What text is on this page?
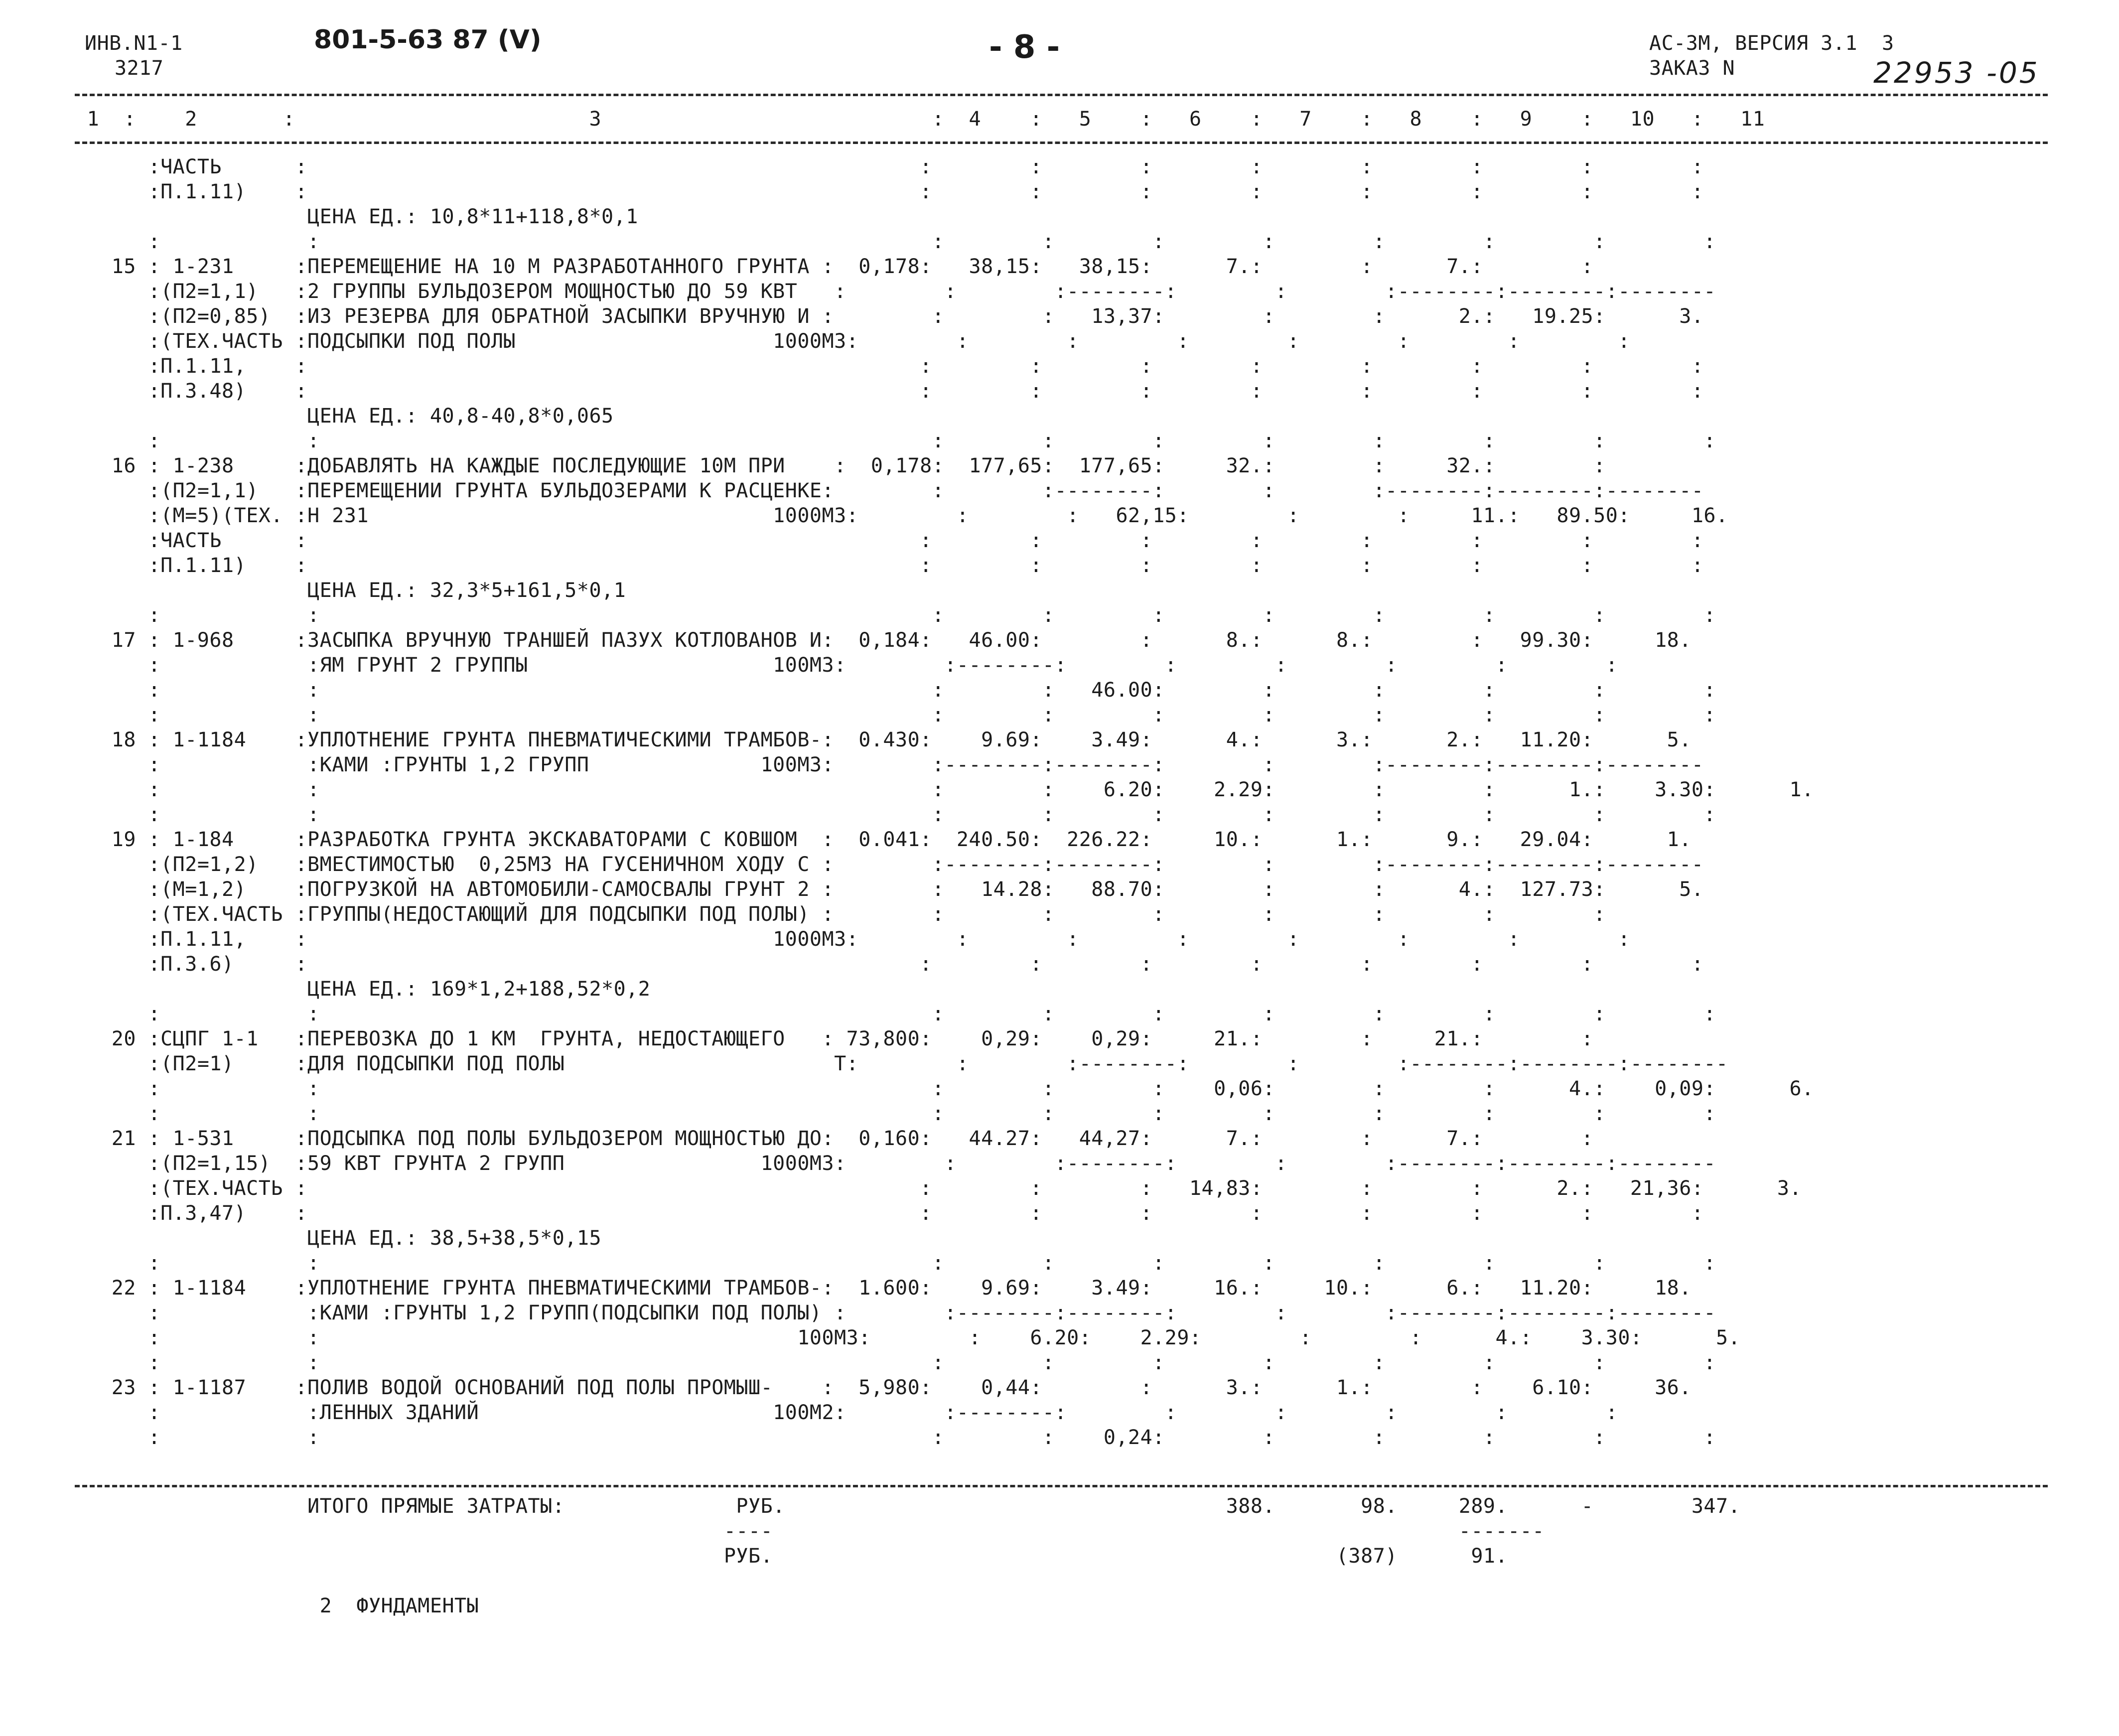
ИНВ.N1-1
3217
801-5-63 87 (V)	- 8 -	АС-3М, ВЕРСИЯ 3.1  3
ЗАКАЗ N	22953 -05
1  :    2       :                        3                           :  4    :   5    :   6    :   7    :   8    :   9    :   10   :   11
:ЧАСТЬ      :                                                  :        :        :        :        :        :        :        :
:П.1.11)    :                                                  :        :        :        :        :        :        :        :
ЦЕНА ЕД.: 10,8*11+118,8*0,1
:            :                                                  :        :        :        :        :        :        :        :
15 : 1-231     :ПЕРЕМЕЩЕНИЕ НА 10 М РАЗРАБОТАННОГО ГРУНТА :  0,178:   38,15:   38,15:      7.:        :      7.:        :
:(П2=1,1)   :2 ГРУППЫ БУЛЬДОЗЕРОМ МОЩНОСТЬЮ ДО 59 КВТ   :        :        :--------:        :        :--------:--------:--------
:(П2=0,85)  :ИЗ РЕЗЕРВА ДЛЯ ОБРАТНОЙ ЗАСЫПКИ ВРУЧНУЮ И :        :        :   13,37:        :        :      2.:   19.25:      3.
:(ТЕХ.ЧАСТЬ :ПОДСЫПКИ ПОД ПОЛЫ                     1000М3:        :        :        :        :        :        :        :
:П.1.11,    :                                                  :        :        :        :        :        :        :        :
:П.3.48)    :                                                  :        :        :        :        :        :        :        :
ЦЕНА ЕД.: 40,8-40,8*0,065
:            :                                                  :        :        :        :        :        :        :        :
16 : 1-238     :ДОБАВЛЯТЬ НА КАЖДЫЕ ПОСЛЕДУЮЩИЕ 10М ПРИ    :  0,178:  177,65:  177,65:     32.:        :     32.:        :
:(П2=1,1)   :ПЕРЕМЕЩЕНИИ ГРУНТА БУЛЬДОЗЕРАМИ К РАСЦЕНКЕ:        :        :--------:        :        :--------:--------:--------
:(М=5)(ТЕХ. :Н 231                                 1000М3:        :        :   62,15:        :        :     11.:   89.50:     16.
:ЧАСТЬ      :                                                  :        :        :        :        :        :        :        :
:П.1.11)    :                                                  :        :        :        :        :        :        :        :
ЦЕНА ЕД.: 32,3*5+161,5*0,1
:            :                                                  :        :        :        :        :        :        :        :
17 : 1-968     :ЗАСЫПКА ВРУЧНУЮ ТРАНШЕЙ ПАЗУХ КОТЛОВАНОВ И:  0,184:   46.00:        :      8.:      8.:        :   99.30:     18.
:            :ЯМ ГРУНТ 2 ГРУППЫ                    100М3:        :--------:        :        :        :        :        :
:            :                                                  :        :   46.00:        :        :        :        :        :
:            :                                                  :        :        :        :        :        :        :        :
18 : 1-1184    :УПЛОТНЕНИЕ ГРУНТА ПНЕВМАТИЧЕСКИМИ ТРАМБОВ-:  0.430:    9.69:    3.49:      4.:      3.:      2.:   11.20:      5.
:            :КАМИ :ГРУНТЫ 1,2 ГРУПП              100М3:        :--------:--------:        :        :--------:--------:--------
:            :                                                  :        :    6.20:    2.29:        :        :      1.:    3.30:      1.
:            :                                                  :        :        :        :        :        :        :        :
19 : 1-184     :РАЗРАБОТКА ГРУНТА ЭКСКАВАТОРАМИ С КОВШОМ  :  0.041:  240.50:  226.22:     10.:      1.:      9.:   29.04:      1.
:(П2=1,2)   :ВМЕСТИМОСТЬЮ  0,25М3 НА ГУСЕНИЧНОМ ХОДУ С :        :--------:--------:        :        :--------:--------:--------
:(М=1,2)    :ПОГРУЗКОЙ НА АВТОМОБИЛИ-САМОСВАЛЫ ГРУНТ 2 :        :   14.28:   88.70:        :        :      4.:  127.73:      5.
:(ТЕХ.ЧАСТЬ :ГРУППЫ(НЕДОСТАЮЩИЙ ДЛЯ ПОДСЫПКИ ПОД ПОЛЫ) :        :        :        :        :        :        :        :
:П.1.11,    :                                      1000М3:        :        :        :        :        :        :        :
:П.3.6)     :                                                  :        :        :        :        :        :        :        :
ЦЕНА ЕД.: 169*1,2+188,52*0,2
:            :                                                  :        :        :        :        :        :        :        :
20 :СЦПГ 1-1   :ПЕРЕВОЗКА ДО 1 КМ  ГРУНТА, НЕДОСТАЮЩЕГО   : 73,800:    0,29:    0,29:     21.:        :     21.:        :
:(П2=1)     :ДЛЯ ПОДСЫПКИ ПОД ПОЛЫ                      Т:        :        :--------:        :        :--------:--------:--------
:            :                                                  :        :        :    0,06:        :        :      4.:    0,09:      6.
:            :                                                  :        :        :        :        :        :        :        :
21 : 1-531     :ПОДСЫПКА ПОД ПОЛЫ БУЛЬДОЗЕРОМ МОЩНОСТЬЮ ДО:  0,160:   44.27:   44,27:      7.:        :      7.:        :
:(П2=1,15)  :59 КВТ ГРУНТА 2 ГРУПП                1000М3:        :        :--------:        :        :--------:--------:--------
:(ТЕХ.ЧАСТЬ :                                                  :        :        :   14,83:        :        :      2.:   21,36:      3.
:П.3,47)    :                                                  :        :        :        :        :        :        :        :
ЦЕНА ЕД.: 38,5+38,5*0,15
:            :                                                  :        :        :        :        :        :        :        :
22 : 1-1184    :УПЛОТНЕНИЕ ГРУНТА ПНЕВМАТИЧЕСКИМИ ТРАМБОВ-:  1.600:    9.69:    3.49:     16.:     10.:      6.:   11.20:     18.
:            :КАМИ :ГРУНТЫ 1,2 ГРУПП(ПОДСЫПКИ ПОД ПОЛЫ) :        :--------:--------:        :        :--------:--------:--------
:            :                                       100М3:        :    6.20:    2.29:        :        :      4.:    3.30:      5.
:            :                                                  :        :        :        :        :        :        :        :
23 : 1-1187    :ПОЛИВ ВОДОЙ ОСНОВАНИЙ ПОД ПОЛЫ ПРОМЫШ-    :  5,980:    0,44:        :      3.:      1.:        :    6.10:     36.
:            :ЛЕННЫХ ЗДАНИЙ                        100М2:        :--------:        :        :        :        :        :
:            :                                                  :        :    0,24:        :        :        :        :        :
ИТОГО ПРЯМЫЕ ЗАТРАТЫ:              РУБ.                                    388.       98.     289.      -        347.
----                                                        -------
РУБ.                                              (387)      91.
2  ФУНДАМЕНТЫ
